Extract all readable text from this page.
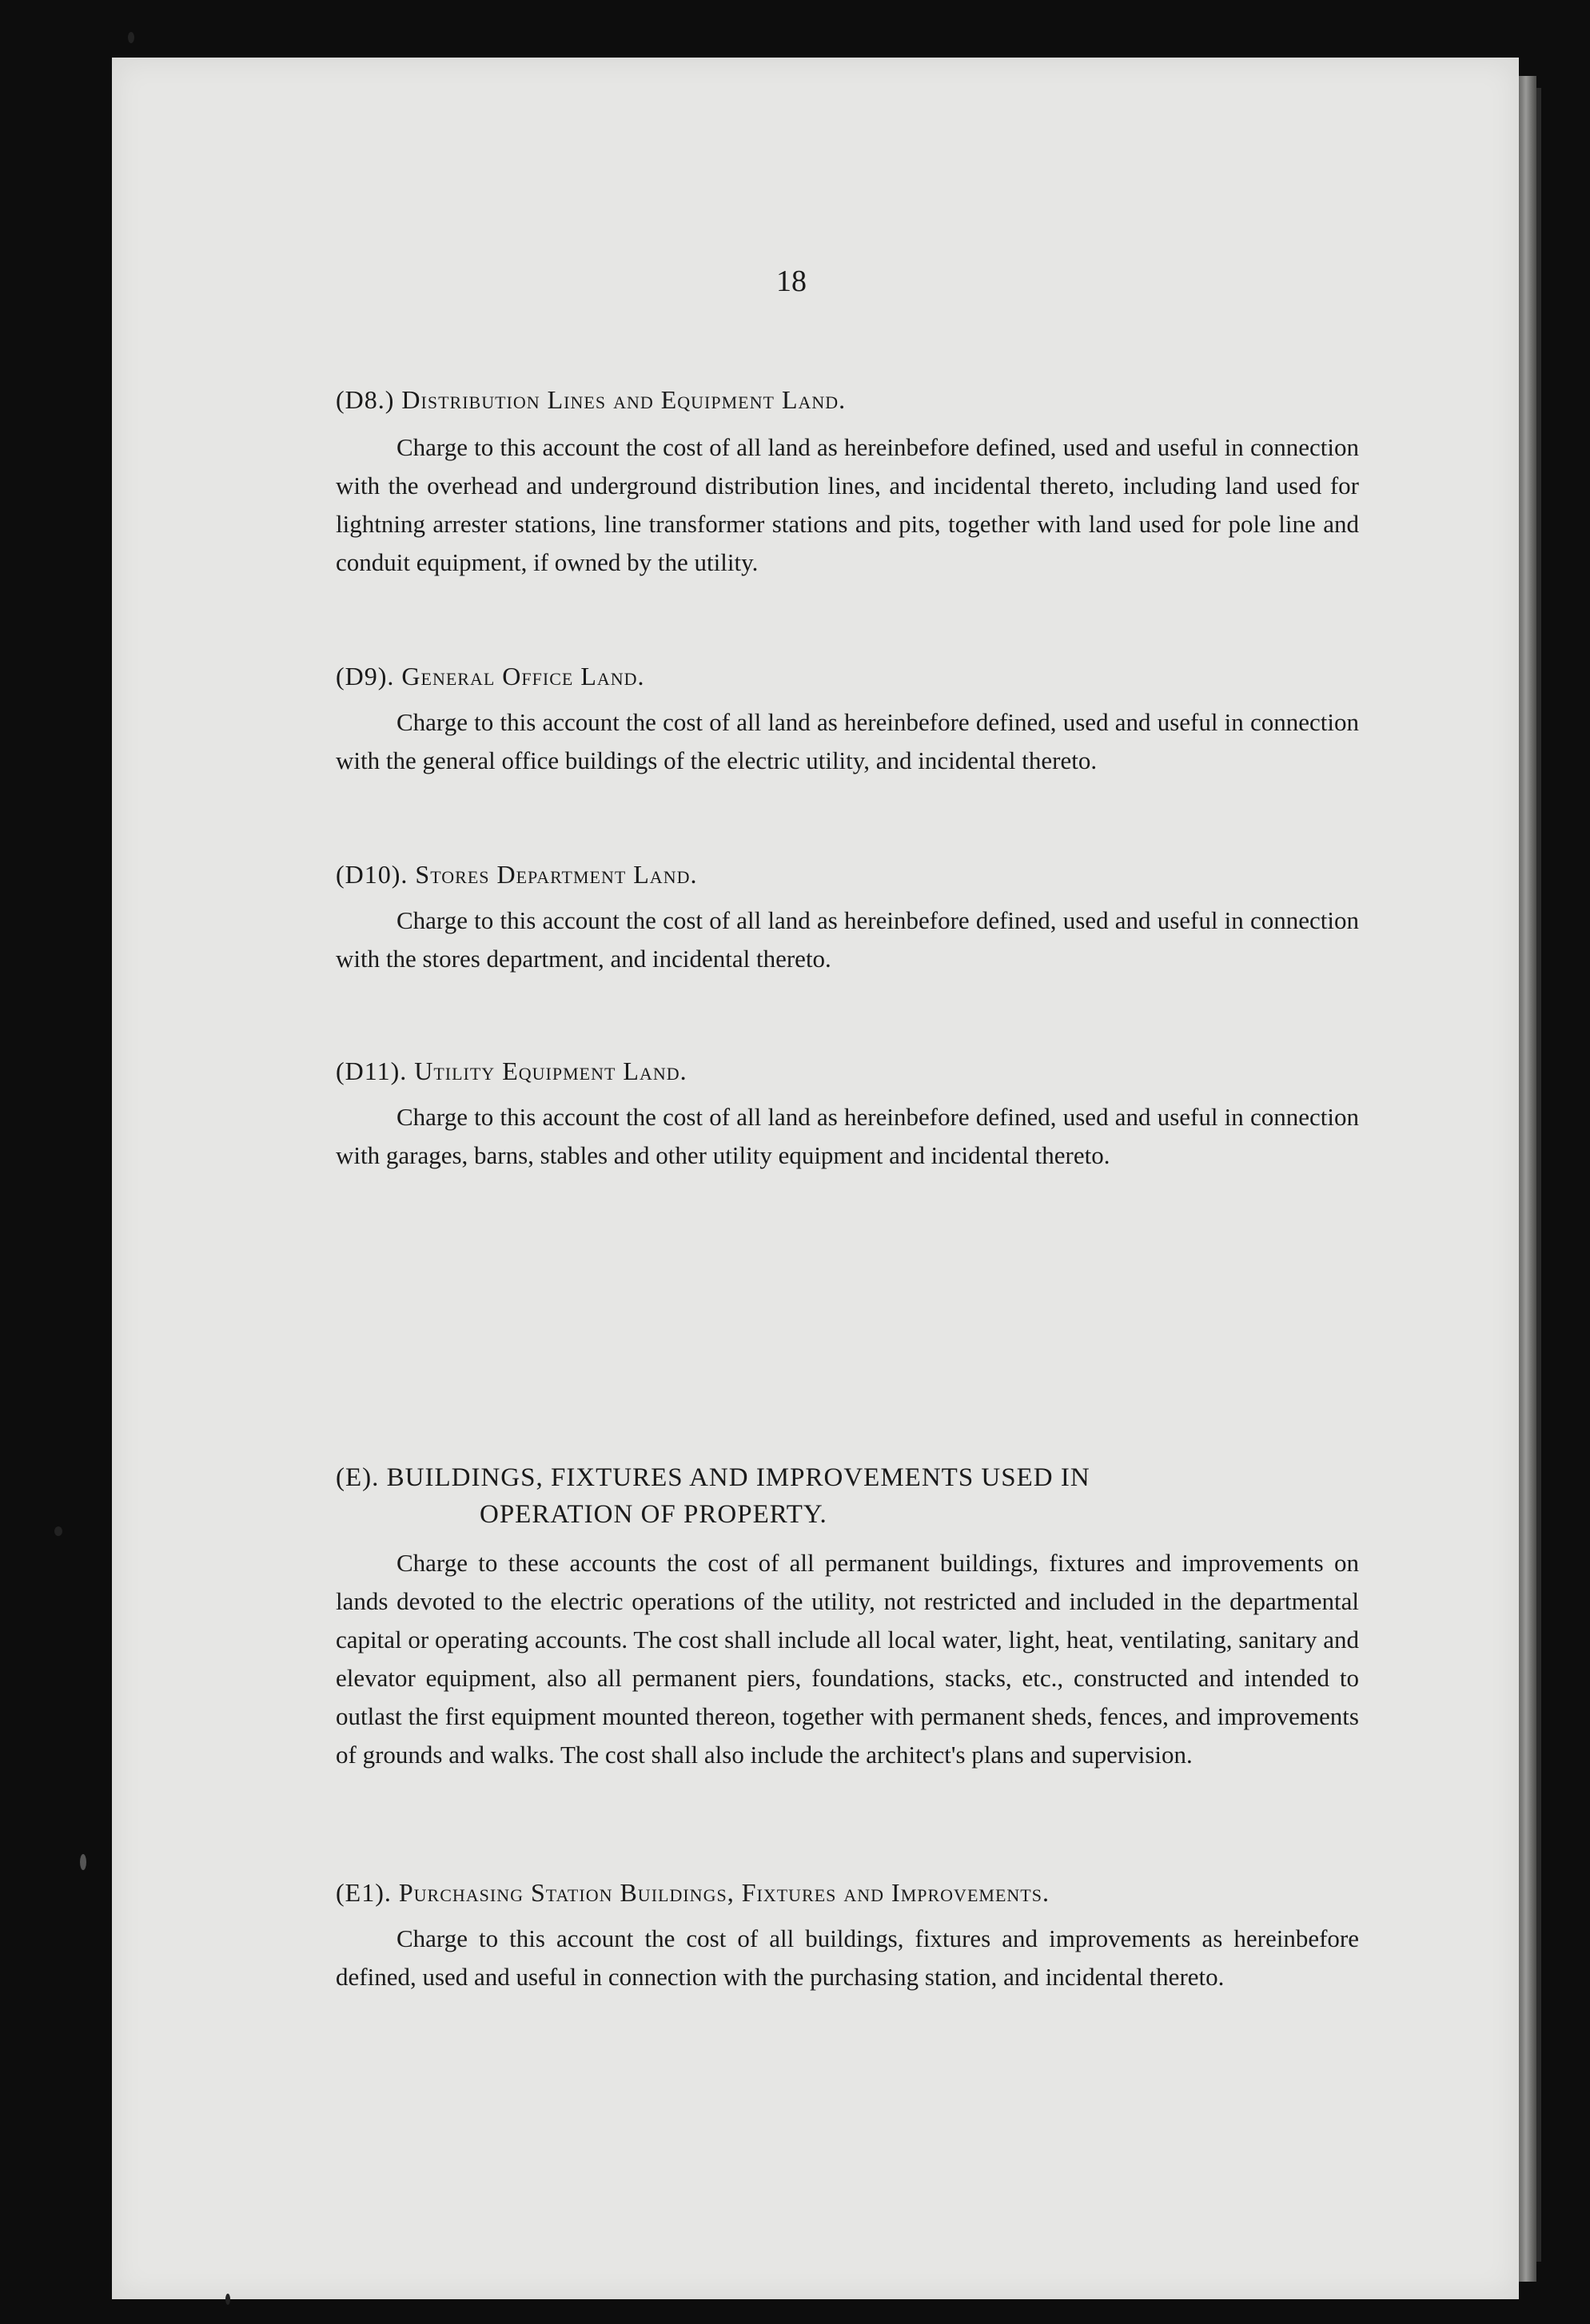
18
(D8.) Distribution Lines and Equipment Land.

Charge to this account the cost of all land as hereinbefore defined, used and useful in connection with the overhead and underground distribution lines, and incidental thereto, including land used for lightning arrester stations, line transformer stations and pits, together with land used for pole line and conduit equipment, if owned by the utility.

(D9). General Office Land.

Charge to this account the cost of all land as hereinbefore defined, used and useful in connection with the general office buildings of the electric utility, and incidental thereto.

(D10). Stores Department Land.

Charge to this account the cost of all land as hereinbefore defined, used and useful in connection with the stores department, and incidental thereto.

(D11). Utility Equipment Land.

Charge to this account the cost of all land as hereinbefore defined, used and useful in connection with garages, barns, stables and other utility equipment and incidental thereto.

(E). BUILDINGS, FIXTURES AND IMPROVEMENTS USED IN
OPERATION OF PROPERTY.

Charge to these accounts the cost of all permanent buildings, fixtures and improvements on lands devoted to the electric operations of the utility, not restricted and included in the departmental capital or operating accounts. The cost shall include all local water, light, heat, ventilating, sanitary and elevator equipment, also all permanent piers, foundations, stacks, etc., constructed and intended to outlast the first equipment mounted thereon, together with permanent sheds, fences, and improvements of grounds and walks. The cost shall also include the architect's plans and supervision.

(E1). Purchasing Station Buildings, Fixtures and Improvements.

Charge to this account the cost of all buildings, fixtures and improvements as hereinbefore defined, used and useful in connection with the purchasing station, and incidental thereto.
